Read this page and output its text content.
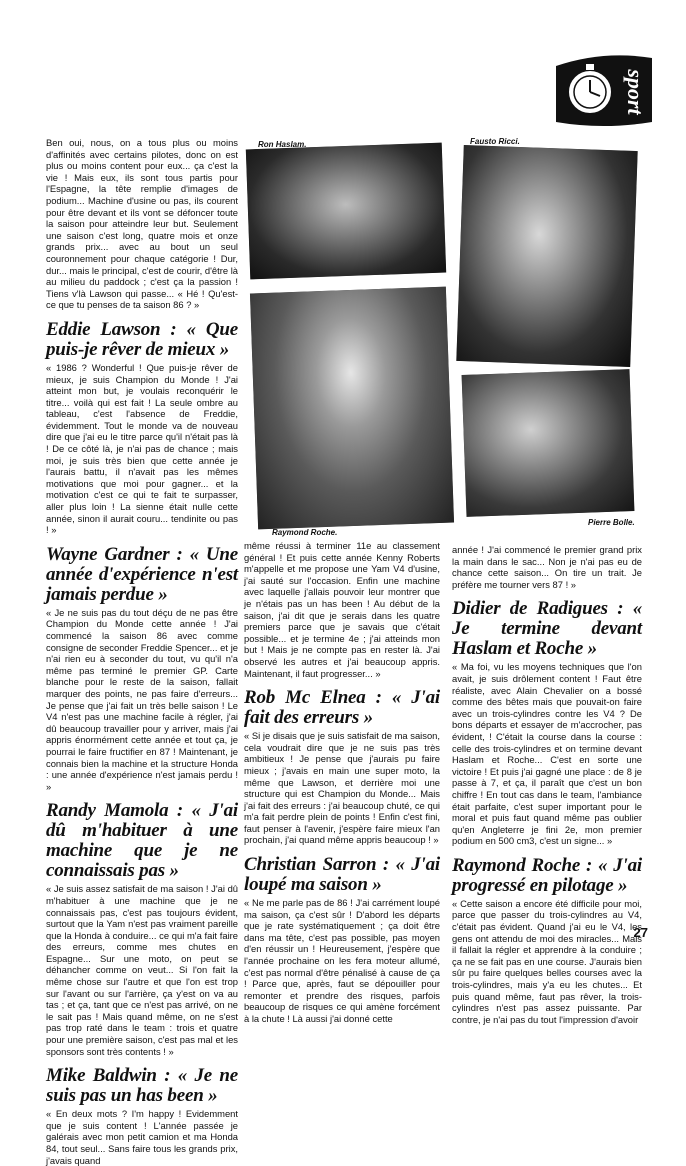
sport
Ron Haslam.	Fausto Ricci.
Raymond Roche.
Pierre Bolle.

Ben oui, nous, on a tous plus ou moins d'affinités avec certains pilotes, donc on est plus ou moins content pour eux... ça c'est la vie ! Mais eux, ils sont tous partis pour l'Espagne, la tête remplie d'images de podium... Machine d'usine ou pas, ils courent pour être devant et ils vont se défoncer toute la saison pour atteindre leur but. Seulement une saison c'est long, quatre mois et onze grands prix... avec au bout un seul couronnement pour chaque catégorie ! Dur, dur... mais le principal, c'est de courir, d'être là au milieu du paddock ; c'est ça la passion ! Tiens v'là Lawson qui passe... « Hé ! Qu'est-ce que tu penses de ta saison 86 ? »

Eddie Lawson : « Que puis-je rêver de mieux »

« 1986 ? Wonderful ! Que puis-je rêver de mieux, je suis Champion du Monde ! J'ai atteint mon but, je voulais reconquérir le titre... voilà qui est fait ! La seule ombre au tableau, c'est l'absence de Freddie, évidemment. Tout le monde va de nouveau dire que j'ai eu le titre parce qu'il n'était pas là ! De ce côté là, je n'ai pas de chance ; mais moi, je suis très bien que cette année je l'aurais battu, il n'avait pas les mêmes motivations que moi pour gagner... et la motivation c'est ce qui te fait te surpasser, aller plus loin ! La sienne était nulle cette année, sinon il aurait couru... tendinite ou pas ! »

Wayne Gardner : « Une année d'expérience n'est jamais perdue »

« Je ne suis pas du tout déçu de ne pas être Champion du Monde cette année ! J'ai commencé la saison 86 avec comme consigne de seconder Freddie Spencer... et je n'ai rien eu à seconder du tout, vu qu'il n'a même pas terminé le premier GP. Carte blanche pour le reste de la saison, fallait marquer des points, ne pas faire d'erreurs... Je pense que j'ai fait un très belle saison ! Le V4 n'est pas une machine facile à régler, j'ai dû beaucoup travailler pour y arriver, mais j'ai appris énormément cette année et tout ça, je pourrai le faire fructifier en 87 ! Maintenant, je connais bien la machine et la structure Honda : une année d'expérience n'est jamais perdu ! »

Randy Mamola : « J'ai dû m'habituer à une machine que je ne connaissais pas »

« Je suis assez satisfait de ma saison ! J'ai dû m'habituer à une machine que je ne connaissais pas, c'est pas toujours évident, surtout que la Yam n'est pas vraiment pareille que la Honda à conduire... ce qui m'a fait faire des erreurs, comme mes chutes en Espagne... Sur une moto, on peut se déhancher comme on veut... Si l'on fait la même chose sur l'autre et que l'on est trop sur l'avant ou sur l'arrière, ça y'est on va au tas ; et ça, tant que ce n'est pas arrivé, on ne le sait pas ! Mais quand même, on ne s'est pas trop raté dans le team : trois et quatre pour une première saison, c'est pas mal et les sponsors sont très contents ! »

Mike Baldwin : « Je ne suis pas un has been »

« En deux mots ? I'm happy ! Evidemment que je suis content ! L'année passée je galérais avec mon petit camion et ma Honda 84, tout seul... Sans faire tous les grands prix, j'avais quand

même réussi à terminer 11e au classement général ! Et puis cette année Kenny Roberts m'appelle et me propose une Yam V4 d'usine, j'ai sauté sur l'occasion. Enfin une machine avec laquelle j'allais pouvoir leur montrer que je n'étais pas un has been ! Au début de la saison, j'ai dit que je serais dans les quatre premiers parce que je savais que c'était possible... et je termine 4e ; j'ai atteinds mon but ! Mais je ne compte pas en rester là. J'ai observé les autres et j'ai beaucoup appris. Maintenant, il faut progresser... »

Rob Mc Elnea : « J'ai fait des erreurs »

« Si je disais que je suis satisfait de ma saison, cela voudrait dire que je ne suis pas très ambitieux ! Je pense que j'aurais pu faire mieux ; j'avais en main une super moto, la même que Lawson, et derrière moi une structure qui est Champion du Monde... Mais j'ai fait des erreurs : j'ai beaucoup chuté, ce qui m'a fait perdre plein de points ! Enfin c'est fini, faut penser à l'avenir, j'espère faire mieux l'an prochain, j'ai quand même appris beaucoup ! »

Christian Sarron : « J'ai loupé ma saison »

« Ne me parle pas de 86 ! J'ai carrément loupé ma saison, ça c'est sûr ! D'abord les départs que je rate systématiquement ; ça doit être dans ma tête, c'est pas possible, pas moyen d'en réussir un ! Heureusement, j'espère que l'année prochaine on les fera moteur allumé, c'est pas normal d'être pénalisé à cause de ça ! Parce que, après, faut se dépouiller pour remonter et prendre des risques, parfois beaucoup de risques ce qui amène forcément à la chute ! Là aussi j'ai donné cette

année ! J'ai commencé le premier grand prix la main dans le sac... Non je n'ai pas eu de chance cette saison... On tire un trait. Je préfère me tourner vers 87 ! »

Didier de Radigues : « Je termine devant Haslam et Roche »

« Ma foi, vu les moyens techniques que l'on avait, je suis drôlement content ! Faut être réaliste, avec Alain Chevalier on a bossé comme des bêtes mais que pouvait-on faire avec un trois-cylindres contre les V4 ? De bons départs et essayer de m'accrocher, pas évident, ! C'était la course dans la course : celle des trois-cylindres et on termine devant Haslam et Roche... C'est en sorte une victoire ! Et puis j'ai gagné une place : de 8 je passe à 7, et ça, il paraît que c'est un bon chiffre ! En tout cas dans le team, l'ambiance était parfaite, c'est super important pour le moral et puis faut quand même pas oublier qu'en Angleterre je fini 2e, mon premier podium en 500 cm3, c'est un signe... »

Raymond Roche : « J'ai progressé en pilotage »

« Cette saison a encore été difficile pour moi, parce que passer du trois-cylindres au V4, c'était pas évident. Quand j'ai eu le V4, les gens ont attendu de moi des miracles... Mais il fallait la régler et apprendre à la conduire ; ça ne se fait pas en une course. J'aurais bien sûr pu faire quelques belles courses avec la trois-cylindres, mais y'a eu les chutes... Et puis quand même, faut pas rêver, la trois-cylindres n'est pas assez puissante. Par contre, je n'ai pas du tout l'impression d'avoir

27
